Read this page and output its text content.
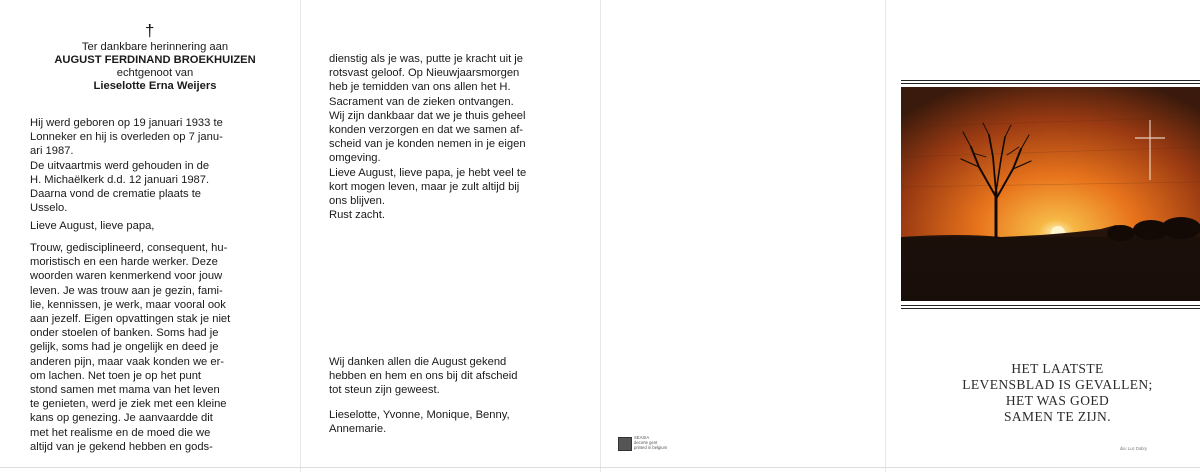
†
Ter dankbare herinnering aan
AUGUST FERDINAND BROEKHUIZEN
echtgenoot van
Lieselotte Erna Weijers

Hij werd geboren op 19 januari 1933 te
Lonneker en hij is overleden op 7 janu-
ari 1987.
De uitvaartmis werd gehouden in de
H. Michaëlkerk d.d. 12 januari 1987.
Daarna vond de crematie plaats te
Usselo.

Lieve August, lieve papa,

Trouw, gedisciplineerd, consequent, hu-
moristisch en een harde werker. Deze
woorden waren kenmerkend voor jouw
leven. Je was trouw aan je gezin, fami-
lie, kennissen, je werk, maar vooral ook
aan jezelf. Eigen opvattingen stak je niet
onder stoelen of banken. Soms had je
gelijk, soms had je ongelijk en deed je
anderen pijn, maar vaak konden we er-
om lachen. Net toen je op het punt
stond samen met mama van het leven
te genieten, werd je ziek met een kleine
kans op genezing. Je aanvaardde dit
met het realisme en de moed die we
altijd van je gekend hebben en gods-

dienstig als je was, putte je kracht uit je
rotsvast geloof. Op Nieuwjaarsmorgen
heb je temidden van ons allen het H.
Sacrament van de zieken ontvangen.
Wij zijn dankbaar dat we je thuis geheel
konden verzorgen en dat we samen af-
scheid van je konden nemen in je eigen
omgeving.
Lieve August, lieve papa, je hebt veel te
kort mogen leven, maar je zult altijd bij
ons blijven.
Rust zacht.

Wij danken allen die August gekend
hebben en hem en ons bij dit afscheid
tot steun zijn geweest.

Lieselotte, Yvonne, Monique, Benny,
Annemarie.

SEASIA
decorte gent
printed in belgium

HET LAATSTE
LEVENSBLAD IS GEVALLEN;
HET WAS GOED
SAMEN TE ZIJN.
dia: Luc Dobry
